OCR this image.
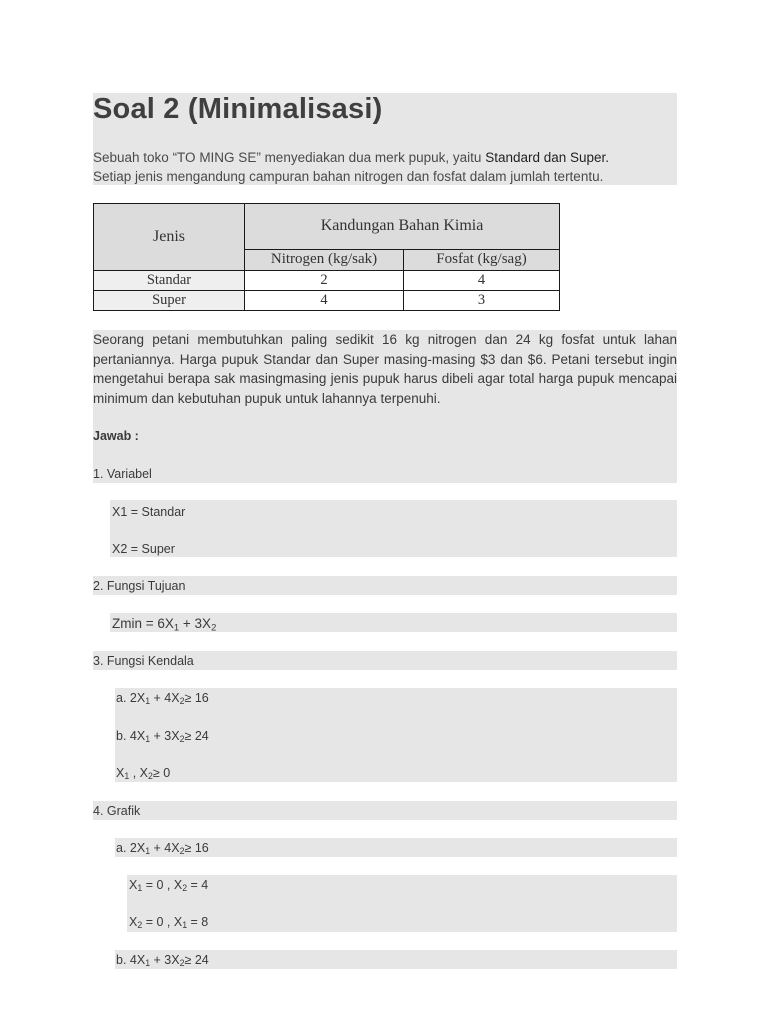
Soal 2 (Minimalisasi)
Sebuah toko “TO MING SE” menyediakan dua merk pupuk, yaitu Standard dan Super.
Setiap jenis mengandung campuran bahan nitrogen dan fosfat dalam jumlah tertentu.
Jenis	Kandungan Bahan Kimia	
	Nitrogen (kg/sak)	Fosfat (kg/sag)
Standar	2	4
Super	4	3
Seorang petani membutuhkan paling sedikit 16 kg nitrogen dan 24 kg fosfat untuk lahan pertaniannya. Harga pupuk Standar dan Super masing-masing $3 dan $6. Petani tersebut ingin mengetahui berapa sak masingmasing jenis pupuk harus dibeli agar total harga pupuk mencapai minimum dan kebutuhan pupuk untuk lahannya terpenuhi.
Jawab :
1. Variabel
X1 = Standar
X2 = Super
2. Fungsi Tujuan
$Zmin = 6X_1 + 3X_2$
3. Fungsi Kendala
a. $2X_1 + 4X_2\ge 16$
b. $4X_1 + 3X_2\ge 24$
$X_1$ , $X_2\ge 0$
4. Grafik
a. $2X_1 + 4X_2\ge 16$
$X_1 = 0$ , $X_2 = 4$
$X_2 = 0$ , $X_1 = 8$
b. $4X_1 + 3X_2\ge 24$
